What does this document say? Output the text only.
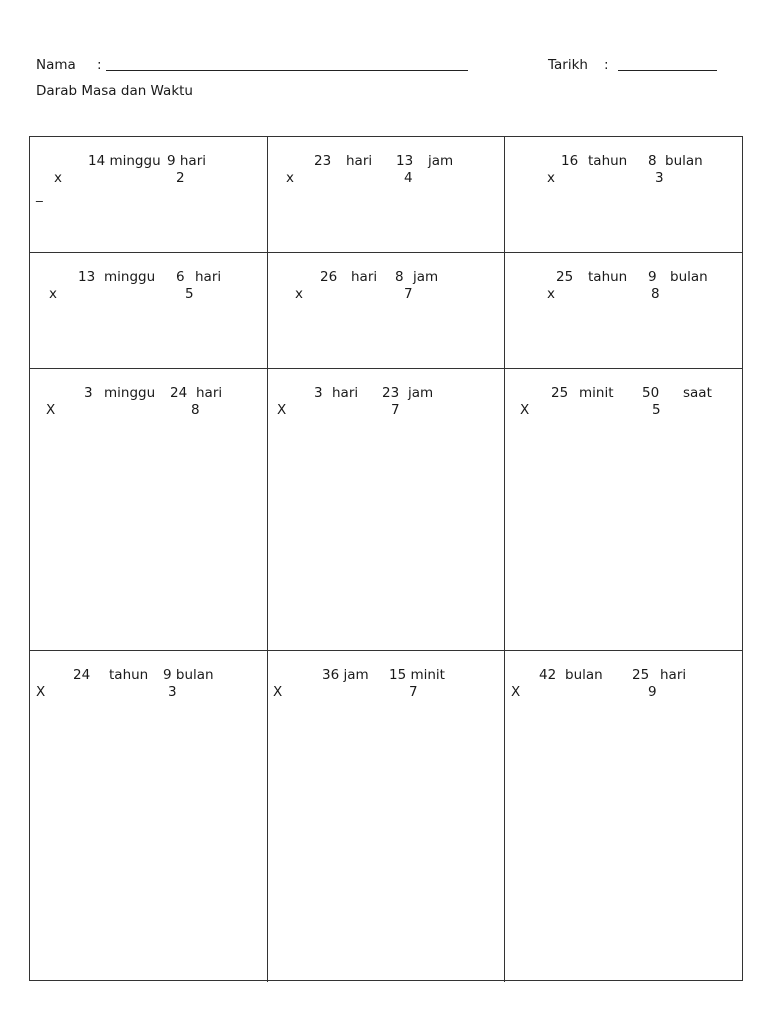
Nama :	Tarikh :
Darab Masa dan Waktu
14 minggu 9 hari
x	2
_
23 hari 13 jam
x	4
16 tahun 8 bulan
x	3
13 minggu 6 hari
x	5
26 hari 8 jam
x	7
25 tahun 9 bulan
x	8
3 minggu 24 hari
X	8
3 hari 23 jam
X	7
25 minit 50 saat
X	5
24 tahun 9 bulan
X	3
36 jam 15 minit
X	7
42 bulan 25 hari
X	9
